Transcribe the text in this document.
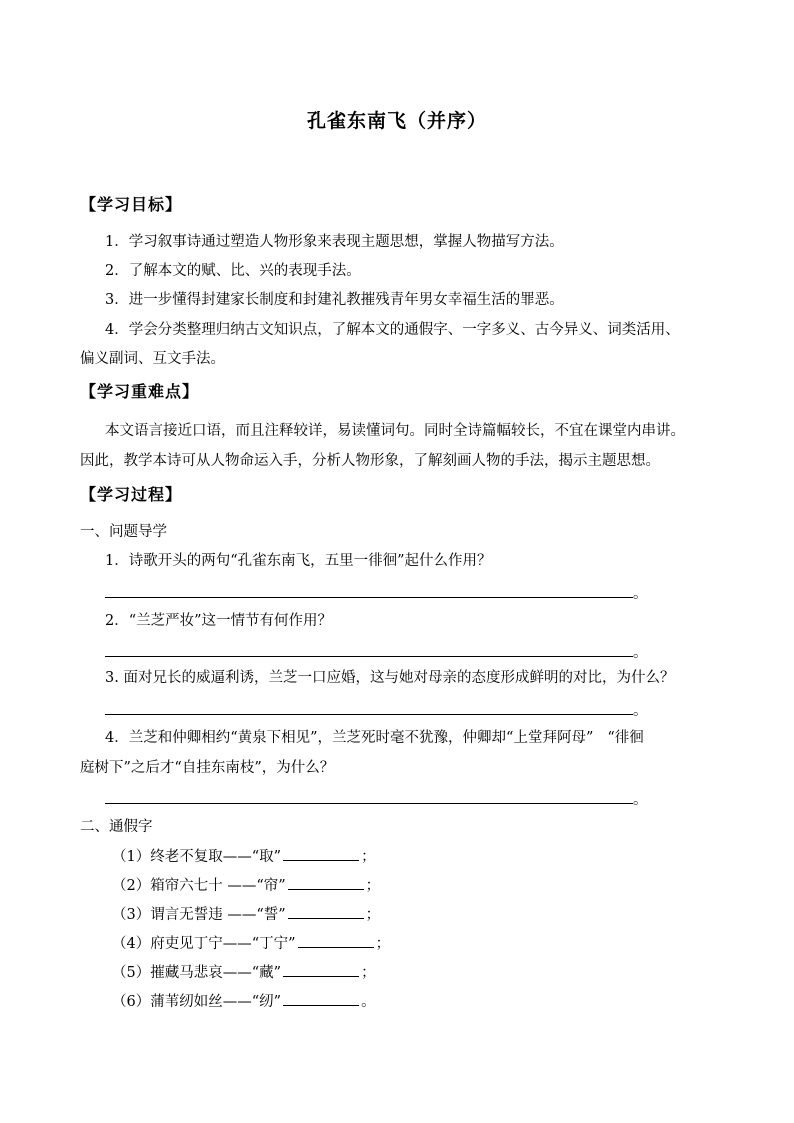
孔雀东南飞（并序）
【学习目标】
1．学习叙事诗通过塑造人物形象来表现主题思想，掌握人物描写方法。
2．了解本文的赋、比、兴的表现手法。
3．进一步懂得封建家长制度和封建礼教摧残青年男女幸福生活的罪恶。
4．学会分类整理归纳古文知识点，了解本文的通假字、一字多义、古今异义、词类活用、
偏义副词、互文手法。
【学习重难点】
本文语言接近口语，而且注释较详，易读懂词句。同时全诗篇幅较长，不宜在课堂内串讲。
因此，教学本诗可从人物命运入手，分析人物形象，了解刻画人物的手法，揭示主题思想。
【学习过程】
一、问题导学
1．诗歌开头的两句“孔雀东南飞，五里一徘徊”起什么作用？
。
2．“兰芝严妆”这一情节有何作用？
。
3. 面对兄长的威逼利诱，兰芝一口应婚，这与她对母亲的态度形成鲜明的对比，为什么？
。
4．兰芝和仲卿相约“黄泉下相见”，兰芝死时毫不犹豫，仲卿却“上堂拜阿母” “徘徊
庭树下”之后才“自挂东南枝”，为什么？
。
二、通假字
（1）终老不复取——“取”	；
（2）箱帘六七十 ——“帘”	；
（3）谓言无誓违 ——“誓”	；
（4）府吏见丁宁——“丁宁”	；
（5）摧藏马悲哀——“藏”	；
（6）蒲苇纫如丝——“纫”	。
